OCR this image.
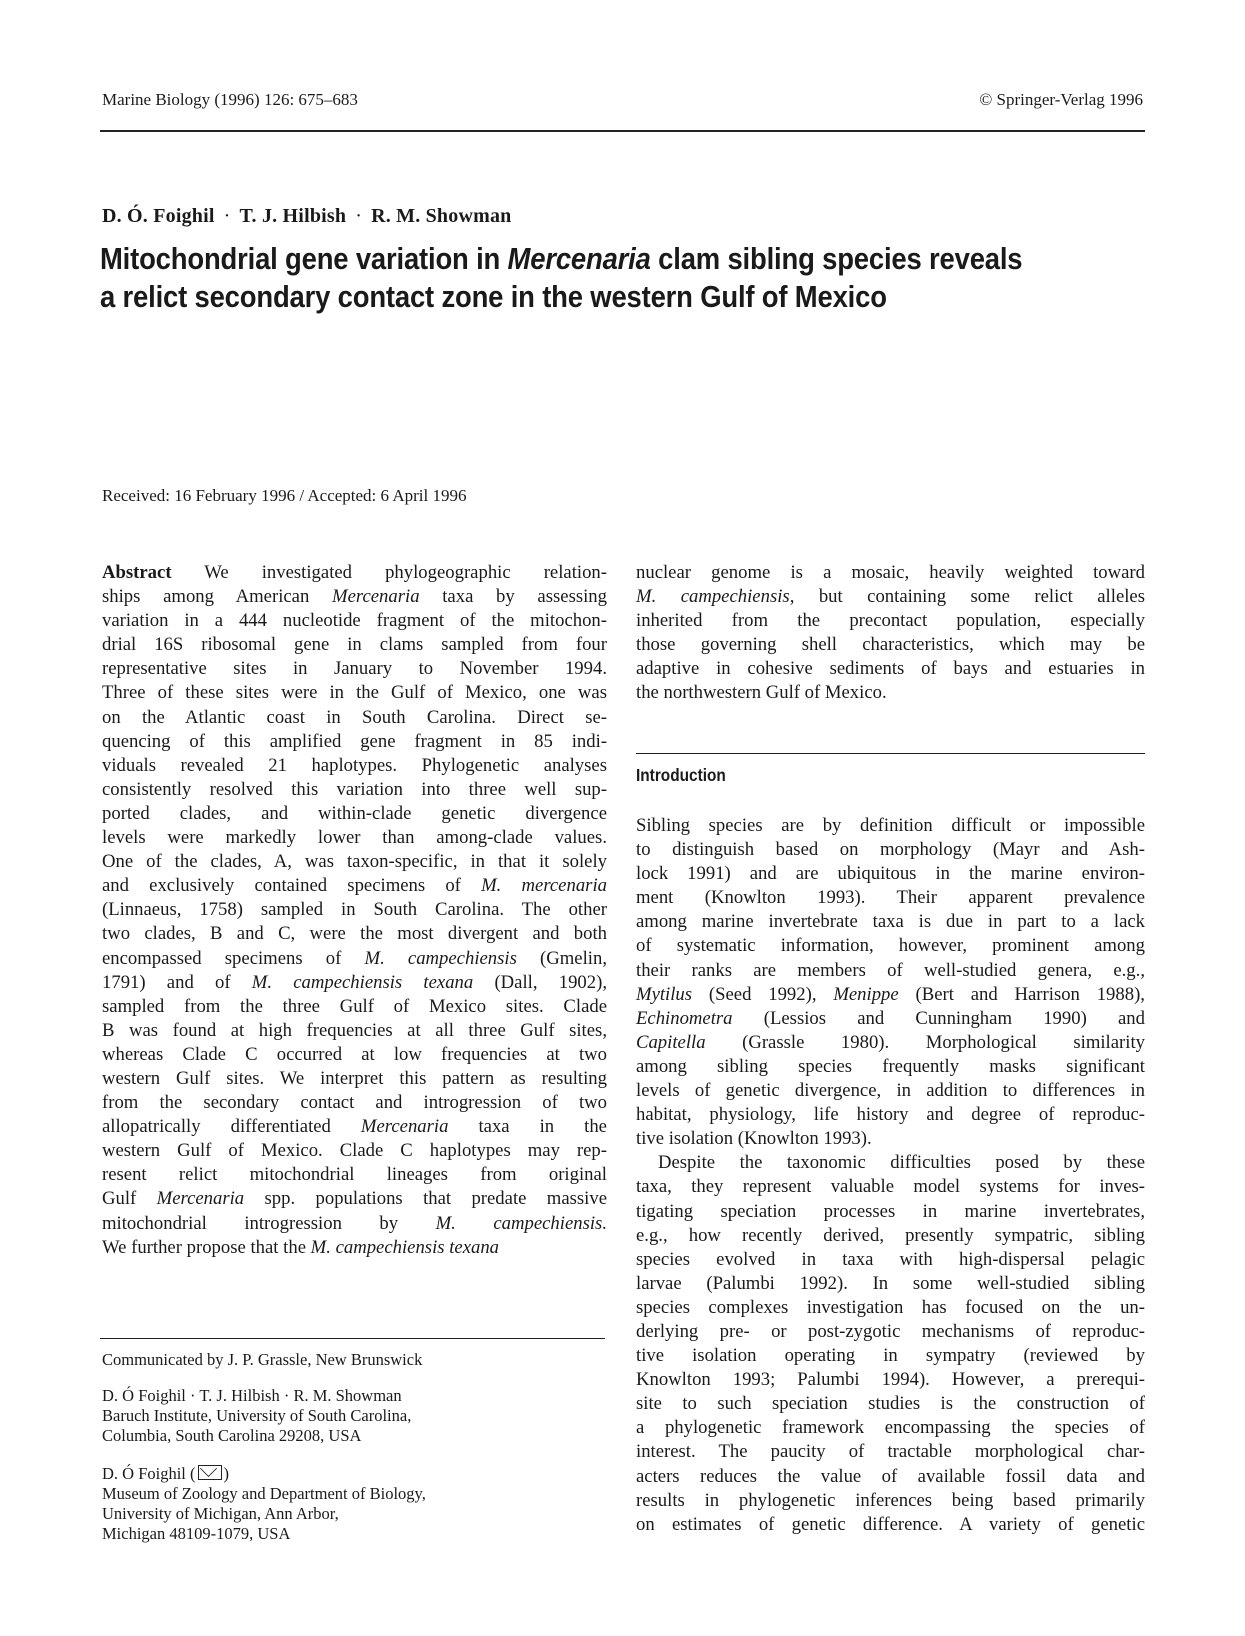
Marine Biology (1996) 126: 675–683	© Springer-Verlag 1996
D. Ó. Foighil · T. J. Hilbish · R. M. Showman
Mitochondrial gene variation in Mercenaria clam sibling species reveals
a relict secondary contact zone in the western Gulf of Mexico
Received: 16 February 1996 / Accepted: 6 April 1996
Abstract We investigated phylogeographic relation-
ships among American Mercenaria taxa by assessing
variation in a 444 nucleotide fragment of the mitochon-
drial 16S ribosomal gene in clams sampled from four
representative sites in January to November 1994.
Three of these sites were in the Gulf of Mexico, one was
on the Atlantic coast in South Carolina. Direct se-
quencing of this amplified gene fragment in 85 indi-
viduals revealed 21 haplotypes. Phylogenetic analyses
consistently resolved this variation into three well sup-
ported clades, and within-clade genetic divergence
levels were markedly lower than among-clade values.
One of the clades, A, was taxon-specific, in that it solely
and exclusively contained specimens of M. mercenaria
(Linnaeus, 1758) sampled in South Carolina. The other
two clades, B and C, were the most divergent and both
encompassed specimens of M. campechiensis (Gmelin,
1791) and of M. campechiensis texana (Dall, 1902),
sampled from the three Gulf of Mexico sites. Clade
B was found at high frequencies at all three Gulf sites,
whereas Clade C occurred at low frequencies at two
western Gulf sites. We interpret this pattern as resulting
from the secondary contact and introgression of two
allopatrically differentiated Mercenaria taxa in the
western Gulf of Mexico. Clade C haplotypes may rep-
resent relict mitochondrial lineages from original
Gulf Mercenaria spp. populations that predate massive
mitochondrial introgression by M. campechiensis.
We further propose that the M. campechiensis texana
nuclear genome is a mosaic, heavily weighted toward
M. campechiensis, but containing some relict alleles
inherited from the precontact population, especially
those governing shell characteristics, which may be
adaptive in cohesive sediments of bays and estuaries in
the northwestern Gulf of Mexico.
Introduction
Sibling species are by definition difficult or impossible
to distinguish based on morphology (Mayr and Ash-
lock 1991) and are ubiquitous in the marine environ-
ment (Knowlton 1993). Their apparent prevalence
among marine invertebrate taxa is due in part to a lack
of systematic information, however, prominent among
their ranks are members of well-studied genera, e.g.,
Mytilus (Seed 1992), Menippe (Bert and Harrison 1988),
Echinometra (Lessios and Cunningham 1990) and
Capitella (Grassle 1980). Morphological similarity
among sibling species frequently masks significant
levels of genetic divergence, in addition to differences in
habitat, physiology, life history and degree of reproduc-
tive isolation (Knowlton 1993).
Despite the taxonomic difficulties posed by these
taxa, they represent valuable model systems for inves-
tigating speciation processes in marine invertebrates,
e.g., how recently derived, presently sympatric, sibling
species evolved in taxa with high-dispersal pelagic
larvae (Palumbi 1992). In some well-studied sibling
species complexes investigation has focused on the un-
derlying pre- or post-zygotic mechanisms of reproduc-
tive isolation operating in sympatry (reviewed by
Knowlton 1993; Palumbi 1994). However, a prerequi-
site to such speciation studies is the construction of
a phylogenetic framework encompassing the species of
interest. The paucity of tractable morphological char-
acters reduces the value of available fossil data and
results in phylogenetic inferences being based primarily
on estimates of genetic difference. A variety of genetic
Communicated by J. P. Grassle, New Brunswick
D. Ó Foighil · T. J. Hilbish · R. M. Showman
Baruch Institute, University of South Carolina,
Columbia, South Carolina 29208, USA
D. Ó Foighil ( )
Museum of Zoology and Department of Biology,
University of Michigan, Ann Arbor,
Michigan 48109-1079, USA
